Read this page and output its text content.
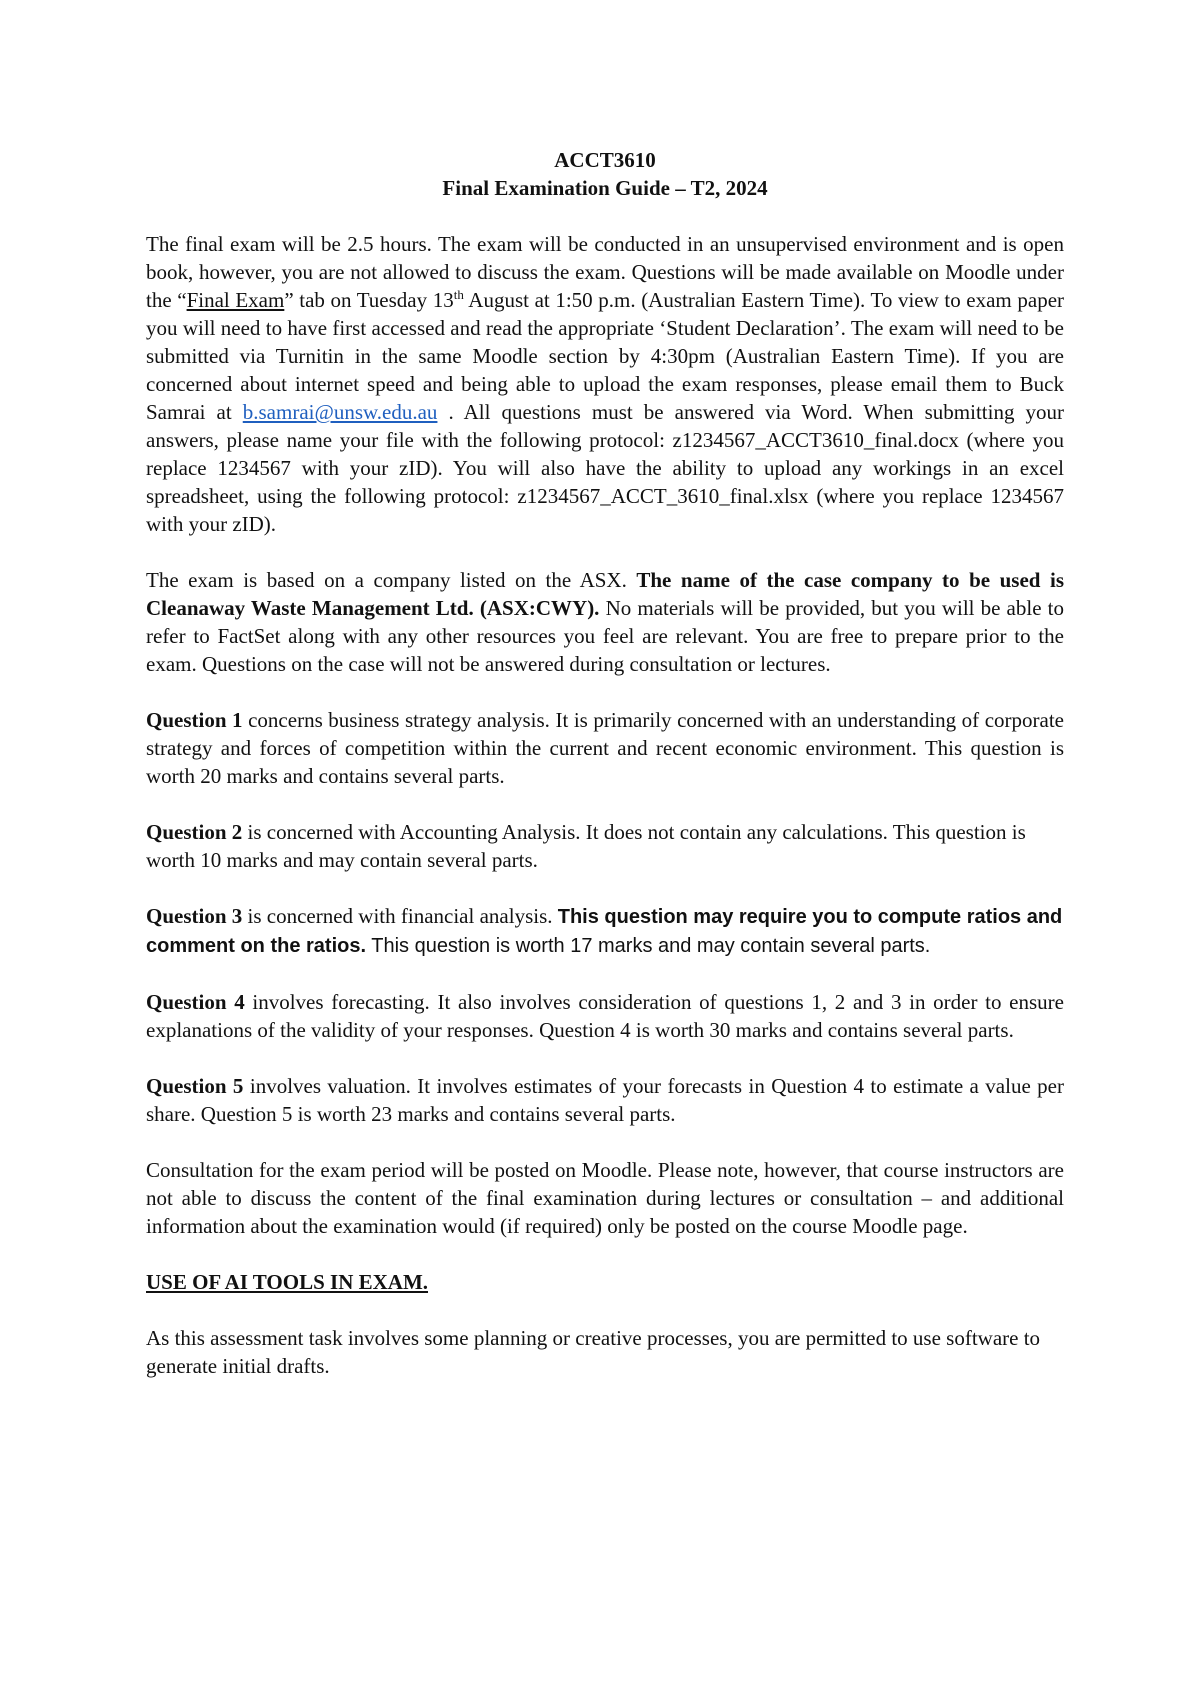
ACCT3610
Final Examination Guide – T2, 2024

The final exam will be 2.5 hours. The exam will be conducted in an unsupervised environment and is open book, however, you are not allowed to discuss the exam. Questions will be made available on Moodle under the “Final Exam” tab on Tuesday 13th August at 1:50 p.m. (Australian Eastern Time). To view to exam paper you will need to have first accessed and read the appropriate ‘Student Declaration’. The exam will need to be submitted via Turnitin in the same Moodle section by 4:30pm (Australian Eastern Time). If you are concerned about internet speed and being able to upload the exam responses, please email them to Buck Samrai at b.samrai@unsw.edu.au . All questions must be answered via Word. When submitting your answers, please name your file with the following protocol: z1234567_ACCT3610_final.docx (where you replace 1234567 with your zID). You will also have the ability to upload any workings in an excel spreadsheet, using the following protocol: z1234567_ACCT_3610_final.xlsx (where you replace 1234567 with your zID).

The exam is based on a company listed on the ASX. The name of the case company to be used is Cleanaway Waste Management Ltd. (ASX:CWY). No materials will be provided, but you will be able to refer to FactSet along with any other resources you feel are relevant. You are free to prepare prior to the exam. Questions on the case will not be answered during consultation or lectures.

Question 1 concerns business strategy analysis. It is primarily concerned with an understanding of corporate strategy and forces of competition within the current and recent economic environment. This question is worth 20 marks and contains several parts.

Question 2 is concerned with Accounting Analysis. It does not contain any calculations. This question is worth 10 marks and may contain several parts.

Question 3 is concerned with financial analysis. This question may require you to compute ratios and comment on the ratios. This question is worth 17 marks and may contain several parts.

Question 4 involves forecasting. It also involves consideration of questions 1, 2 and 3 in order to ensure explanations of the validity of your responses. Question 4 is worth 30 marks and contains several parts.

Question 5 involves valuation. It involves estimates of your forecasts in Question 4 to estimate a value per share. Question 5 is worth 23 marks and contains several parts.

Consultation for the exam period will be posted on Moodle. Please note, however, that course instructors are not able to discuss the content of the final examination during lectures or consultation – and additional information about the examination would (if required) only be posted on the course Moodle page.

USE OF AI TOOLS IN EXAM.

As this assessment task involves some planning or creative processes, you are permitted to use software to generate initial drafts.
